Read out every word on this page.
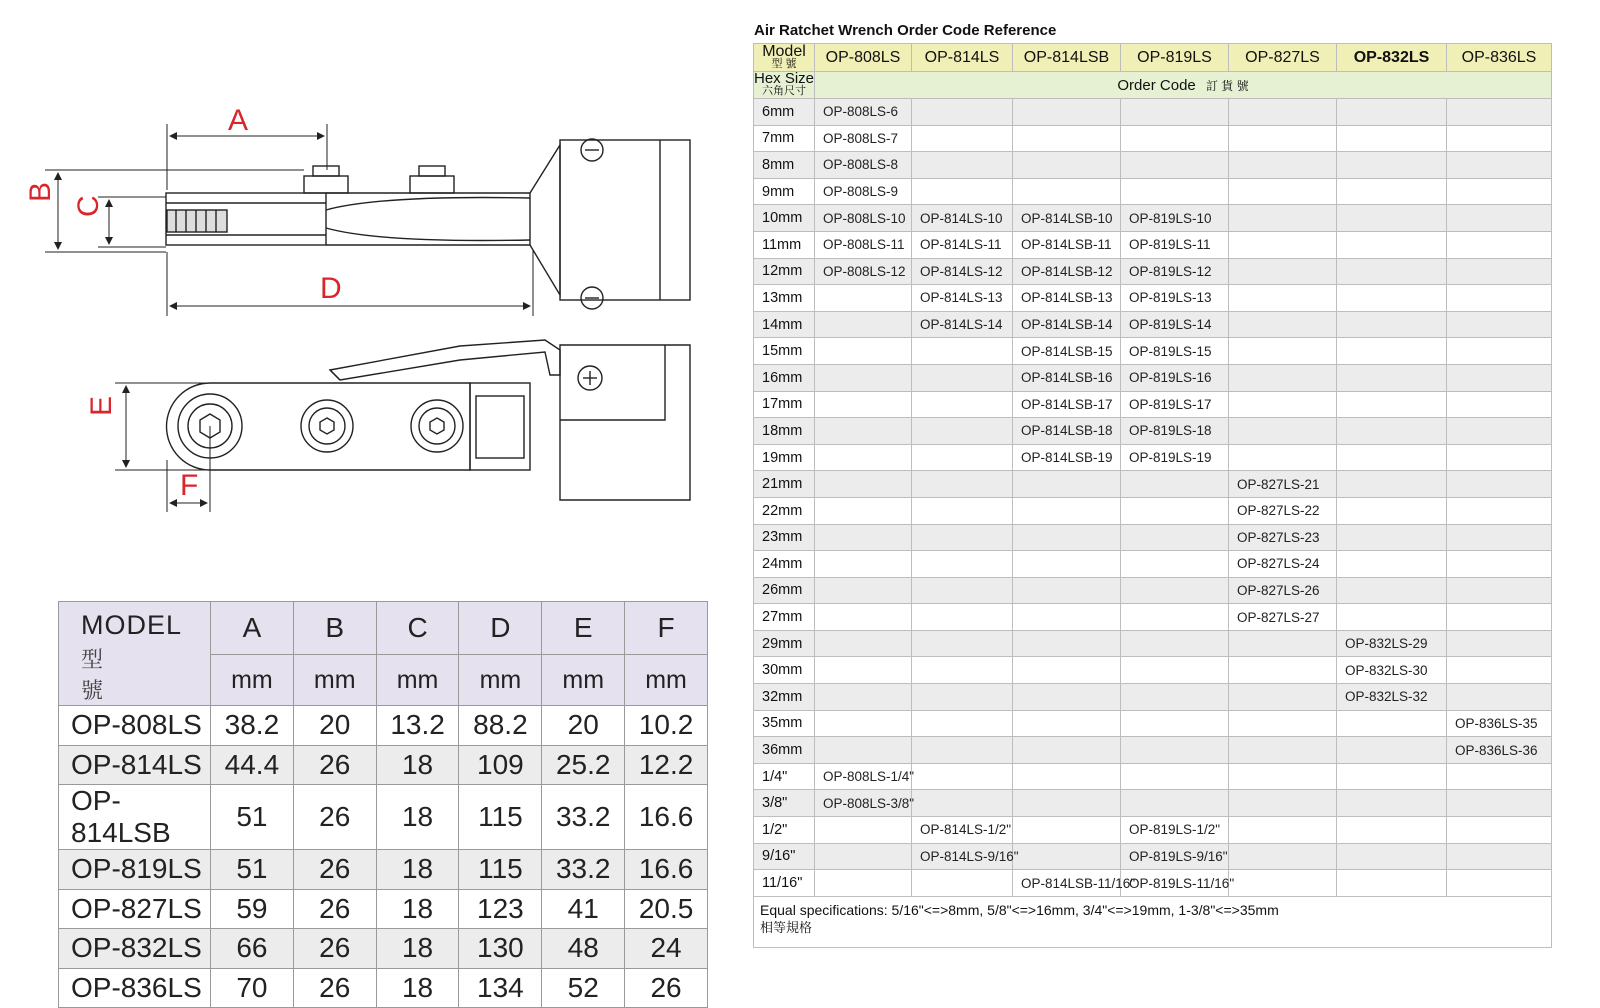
A
B
C
D
E
F
MODEL
型號	A	B	C	D	E	F
	mm	mm	mm	mm	mm	mm
OP-808LS	38.2	20	13.2	88.2	20	10.2
OP-814LS	44.4	26	18	109	25.2	12.2
OP-814LSB	51	26	18	115	33.2	16.6
OP-819LS	51	26	18	115	33.2	16.6
OP-827LS	59	26	18	123	41	20.5
OP-832LS	66	26	18	130	48	24
OP-836LS	70	26	18	134	52	26
Air Ratchet Wrench Order Code Reference
Model
型 號	OP-808LS	OP-814LS	OP-814LSB	OP-819LS	OP-827LS	OP-832LS	OP-836LS

Hex Size
六角尺寸	Order Code 訂 貨 號						
6mm	OP-808LS-6						
7mm	OP-808LS-7						
8mm	OP-808LS-8						
9mm	OP-808LS-9						
10mm	OP-808LS-10	OP-814LS-10	OP-814LSB-10	OP-819LS-10			
11mm	OP-808LS-11	OP-814LS-11	OP-814LSB-11	OP-819LS-11			
12mm	OP-808LS-12	OP-814LS-12	OP-814LSB-12	OP-819LS-12			
13mm		OP-814LS-13	OP-814LSB-13	OP-819LS-13			
14mm		OP-814LS-14	OP-814LSB-14	OP-819LS-14			
15mm			OP-814LSB-15	OP-819LS-15			
16mm			OP-814LSB-16	OP-819LS-16			
17mm			OP-814LSB-17	OP-819LS-17			
18mm			OP-814LSB-18	OP-819LS-18			
19mm			OP-814LSB-19	OP-819LS-19			
21mm					OP-827LS-21		
22mm					OP-827LS-22		
23mm					OP-827LS-23		
24mm					OP-827LS-24		
26mm					OP-827LS-26		
27mm					OP-827LS-27		
29mm						OP-832LS-29	
30mm						OP-832LS-30	
32mm						OP-832LS-32	
35mm							OP-836LS-35
36mm							OP-836LS-36
1/4"	OP-808LS-1/4"						
3/8"	OP-808LS-3/8"						
1/2"		OP-814LS-1/2"		OP-819LS-1/2"			
9/16"		OP-814LS-9/16"		OP-819LS-9/16"			
11/16"			OP-814LSB-11/16"	OP-819LS-11/16"			

Equal specifications: 5/16"<=>8mm, 5/8"<=>16mm, 3/4"<=>19mm, 1-3/8"<=>35mm
相等規格							
